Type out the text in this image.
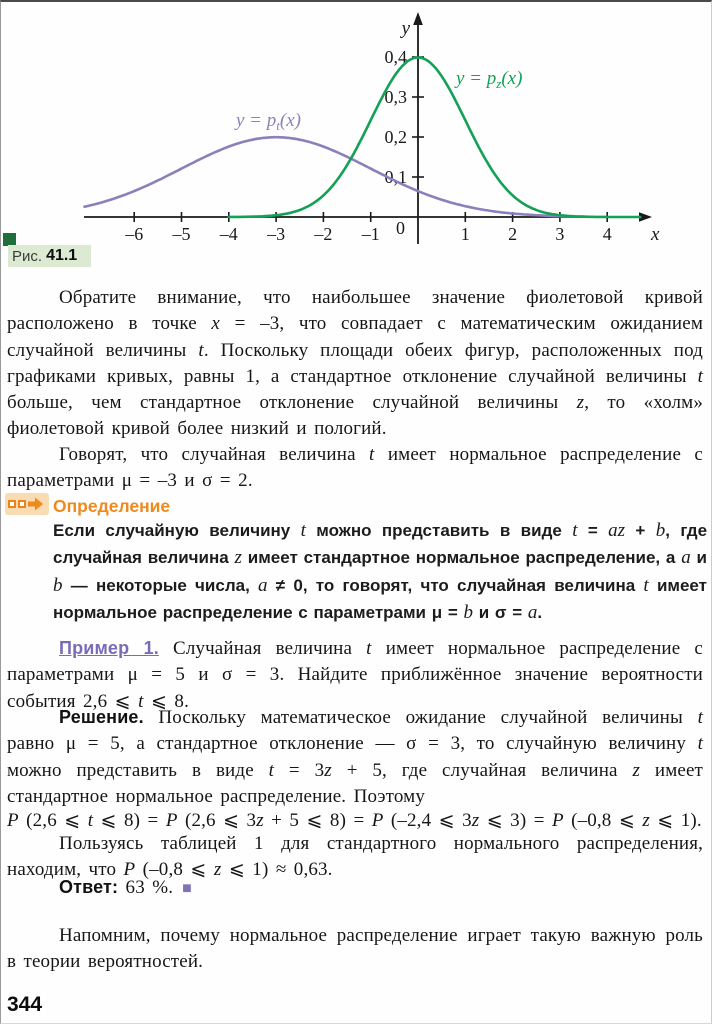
–6 –5 –4 –3 –2 –1	1 2 3 4
0,1
0,2
0,3
0,4
0	x
y
$y = p_t(x)$
$y = p_z(x)$
Рис. 41.1

Обратите внимание, что наибольшее значение фиолетовой кривой расположено в точке x = –3, что совпадает с математическим ожиданием случайной величины t. Поскольку площади обеих фигур, расположенных под графиками кривых, равны 1, а стандартное отклонение случайной величины t больше, чем стандартное отклонение случайной величины z, то «холм» фиолетовой кривой более низкий и пологий.

Говорят, что случайная величина t имеет нормальное распределение с параметрами μ = –3 и σ = 2.

Определение

Если случайную величину t можно представить в виде t = az + b, где случайная величина z имеет стандартное нормальное распределение, а a и b — некоторые числа, a ≠ 0, то говорят, что случайная величина t имеет нормальное распределение с параметрами μ = b и σ = a.

Пример 1. Случайная величина t имеет нормальное распределение с параметрами μ = 5 и σ = 3. Найдите приближённое значение вероятности события 2,6 ⩽ t ⩽ 8.

Решение. Поскольку математическое ожидание случайной величины t равно μ = 5, а стандартное отклонение — σ = 3, то случайную величину t можно представить в виде t = 3z + 5, где случайная величина z имеет стандартное нормальное распределение. Поэтому

P (2,6 ⩽ t ⩽ 8) = P (2,6 ⩽ 3z + 5 ⩽ 8) = P (–2,4 ⩽ 3z ⩽ 3) = P (–0,8 ⩽ z ⩽ 1).

Пользуясь таблицей 1 для стандартного нормального распределения, находим, что P (–0,8 ⩽ z ⩽ 1) ≈ 0,63.

Ответ: 63 %. ■

Напомним, почему нормальное распределение играет такую важную роль в теории вероятностей.

344
